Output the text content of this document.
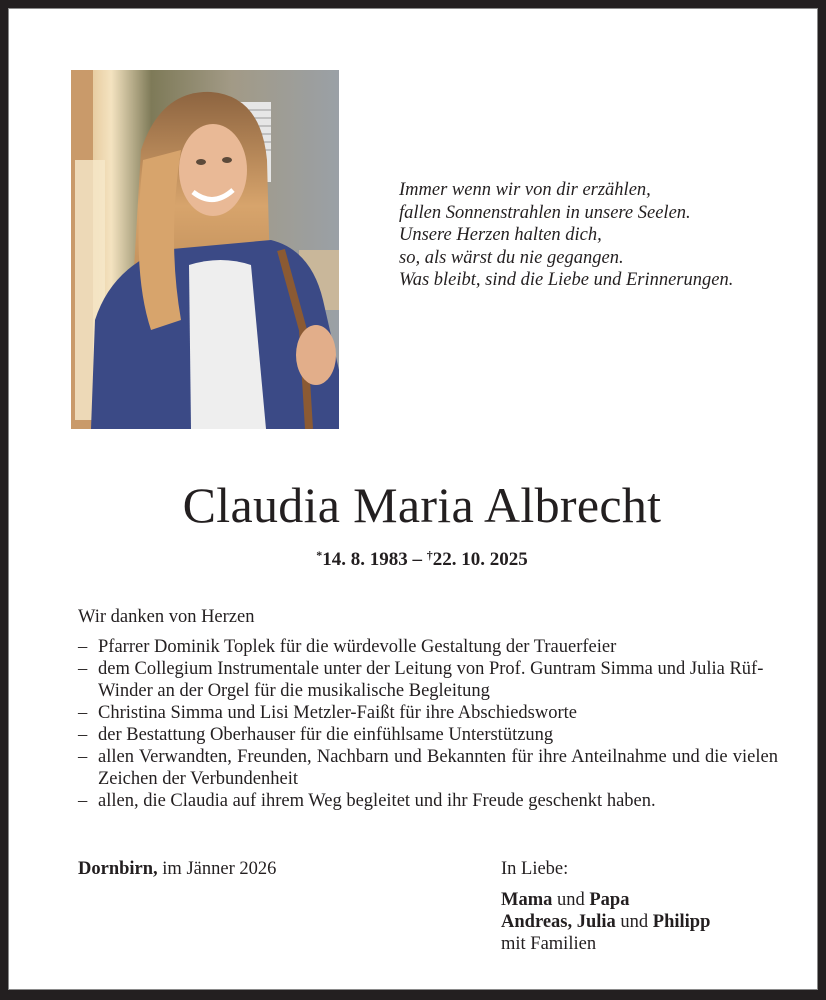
Immer wenn wir von dir erzählen,
fallen Sonnenstrahlen in unsere Seelen.
Unsere Herzen halten dich,
so, als wärst du nie gegangen.
Was bleibt, sind die Liebe und Erinnerungen.
Claudia Maria Albrecht
*14. 8. 1983 – †22. 10. 2025
Wir danken von Herzen
– Pfarrer Dominik Toplek für die würdevolle Gestaltung der Trauerfeier
– dem Collegium Instrumentale unter der Leitung von Prof. Guntram Simma und Julia Rüf-Winder an der Orgel für die musikalische Begleitung
– Christina Simma und Lisi Metzler-Faißt für ihre Abschiedsworte
– der Bestattung Oberhauser für die einfühlsame Unterstützung
– allen Verwandten, Freunden, Nachbarn und Bekannten für ihre Anteilnahme und die vielen Zeichen der Verbundenheit
– allen, die Claudia auf ihrem Weg begleitet und ihr Freude geschenkt haben.
Dornbirn, im Jänner 2026	In Liebe:
Mama und Papa
Andreas, Julia und Philipp
mit Familien
